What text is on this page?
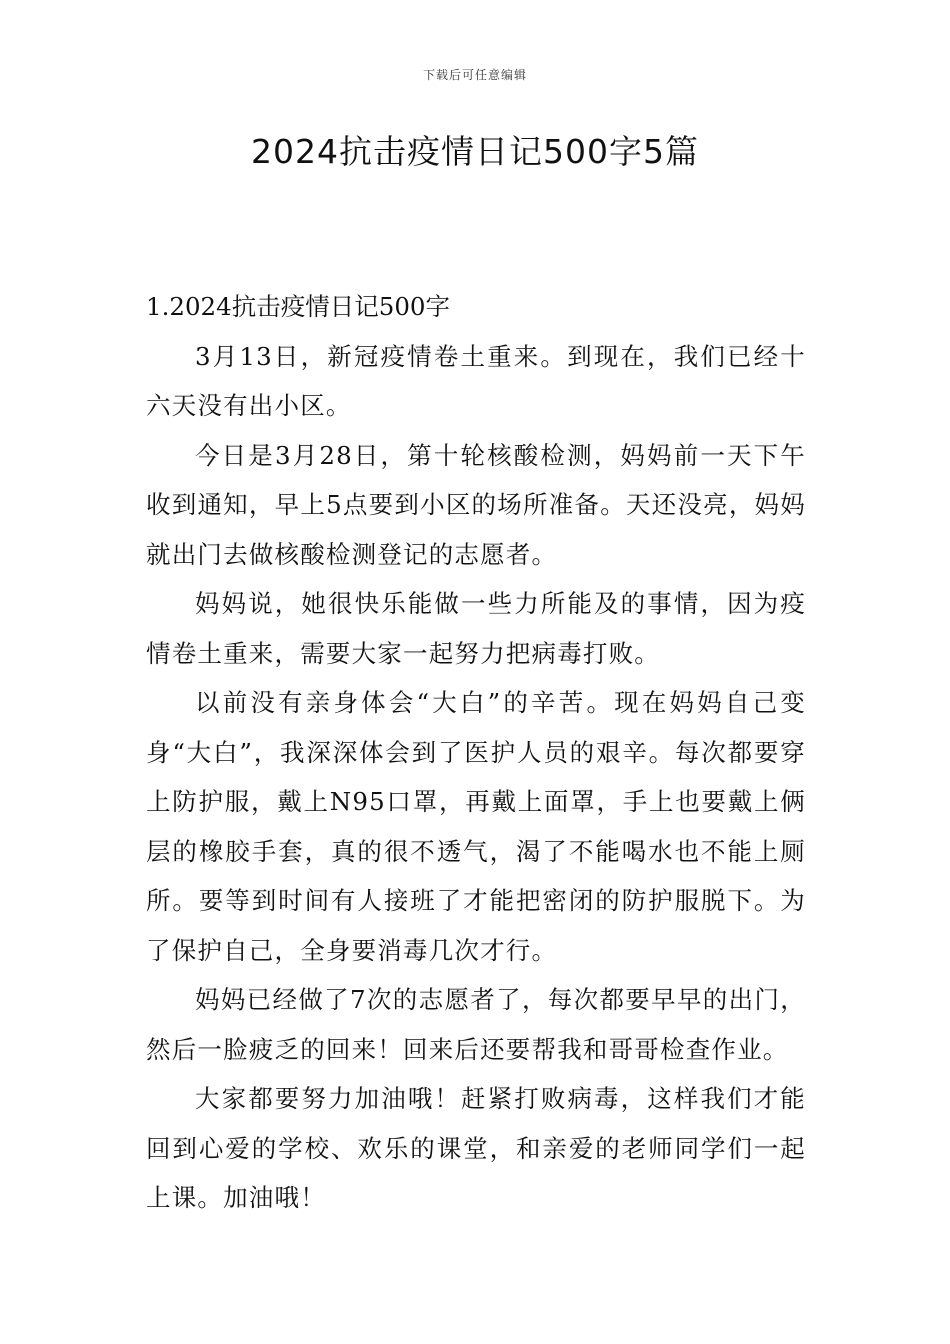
下载后可任意编辑
2024抗击疫情日记500字5篇

1.2024抗击疫情日记500字

3月13日，新冠疫情卷土重来。到现在，我们已经十六天没有出小区。

今日是3月28日，第十轮核酸检测，妈妈前一天下午收到通知，早上5点要到小区的场所准备。天还没亮，妈妈就出门去做核酸检测登记的志愿者。

妈妈说，她很快乐能做一些力所能及的事情，因为疫情卷土重来，需要大家一起努力把病毒打败。

以前没有亲身体会“大白”的辛苦。现在妈妈自己变身“大白”，我深深体会到了医护人员的艰辛。每次都要穿上防护服，戴上N95口罩，再戴上面罩，手上也要戴上俩层的橡胶手套，真的很不透气，渴了不能喝水也不能上厕所。要等到时间有人接班了才能把密闭的防护服脱下。为了保护自己，全身要消毒几次才行。

妈妈已经做了7次的志愿者了，每次都要早早的出门，然后一脸疲乏的回来！回来后还要帮我和哥哥检查作业。

大家都要努力加油哦！赶紧打败病毒，这样我们才能回到心爱的学校、欢乐的课堂，和亲爱的老师同学们一起上课。加油哦！
